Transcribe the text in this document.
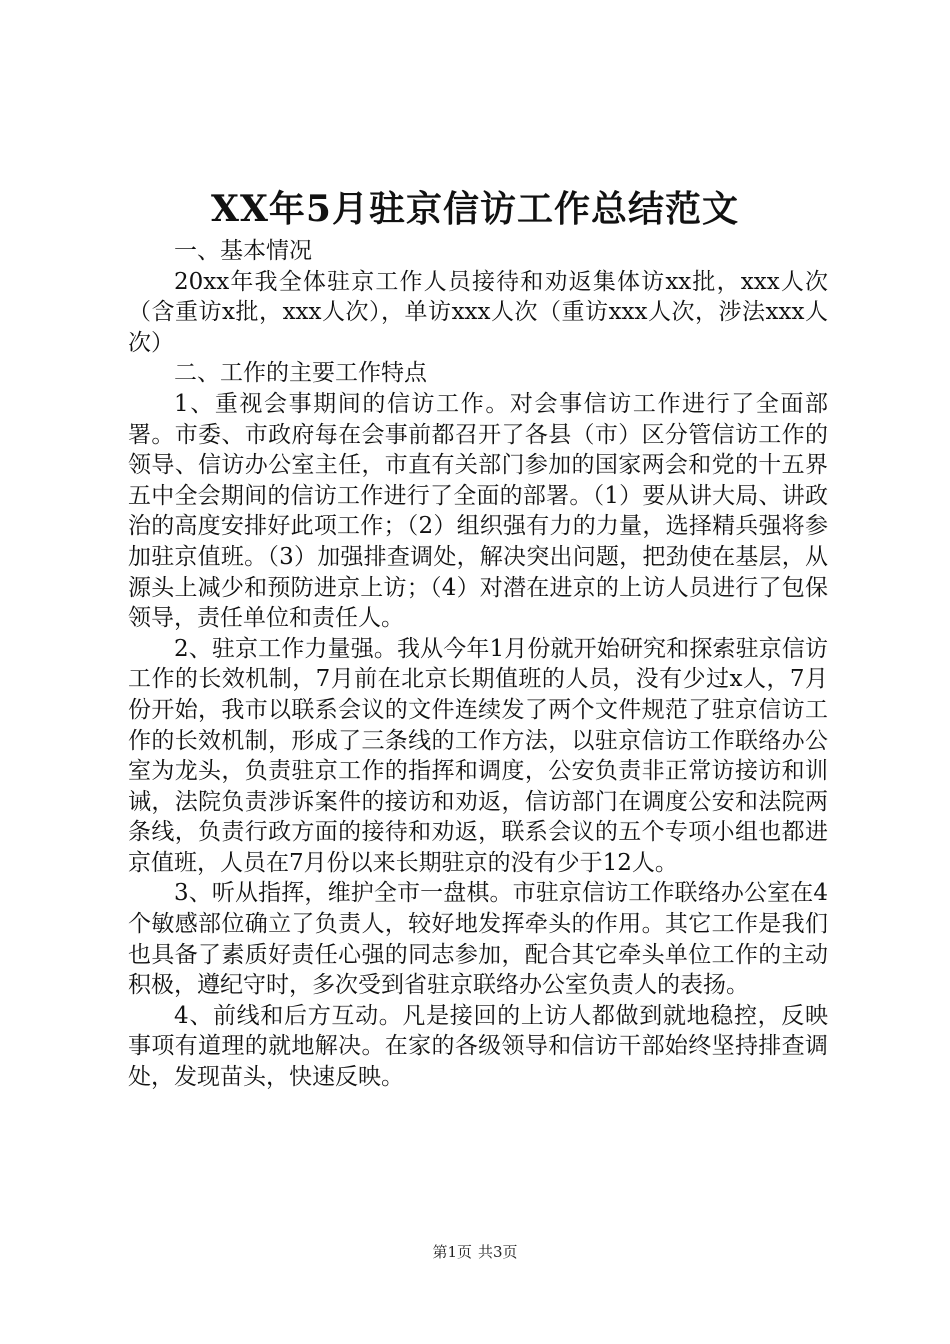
XX年5月驻京信访工作总结范文

一、基本情况

20xx年我全体驻京工作人员接待和劝返集体访xx批，xxx人次（含重访x批，xxx人次），单访xxx人次（重访xxx人次，涉法xxx人次）

二、工作的主要工作特点

1、重视会事期间的信访工作。对会事信访工作进行了全面部署。市委、市政府每在会事前都召开了各县（市）区分管信访工作的领导、信访办公室主任，市直有关部门参加的国家两会和党的十五界五中全会期间的信访工作进行了全面的部署。（1）要从讲大局、讲政治的高度安排好此项工作；（2）组织强有力的力量，选择精兵强将参加驻京值班。（3）加强排查调处，解决突出问题，把劲使在基层，从源头上减少和预防进京上访；（4）对潜在进京的上访人员进行了包保领导，责任单位和责任人。

2、驻京工作力量强。我从今年1月份就开始研究和探索驻京信访工作的长效机制，7月前在北京长期值班的人员，没有少过x人，7月份开始，我市以联系会议的文件连续发了两个文件规范了驻京信访工作的长效机制，形成了三条线的工作方法，以驻京信访工作联络办公室为龙头，负责驻京工作的指挥和调度，公安负责非正常访接访和训诫，法院负责涉诉案件的接访和劝返，信访部门在调度公安和法院两条线，负责行政方面的接待和劝返，联系会议的五个专项小组也都进京值班，人员在7月份以来长期驻京的没有少于12人。

3、听从指挥，维护全市一盘棋。市驻京信访工作联络办公室在4个敏感部位确立了负责人，较好地发挥牵头的作用。其它工作是我们也具备了素质好责任心强的同志参加，配合其它牵头单位工作的主动积极，遵纪守时，多次受到省驻京联络办公室负责人的表扬。

4、前线和后方互动。凡是接回的上访人都做到就地稳控，反映事项有道理的就地解决。在家的各级领导和信访干部始终坚持排查调处，发现苗头，快速反映。

第1页 共3页
